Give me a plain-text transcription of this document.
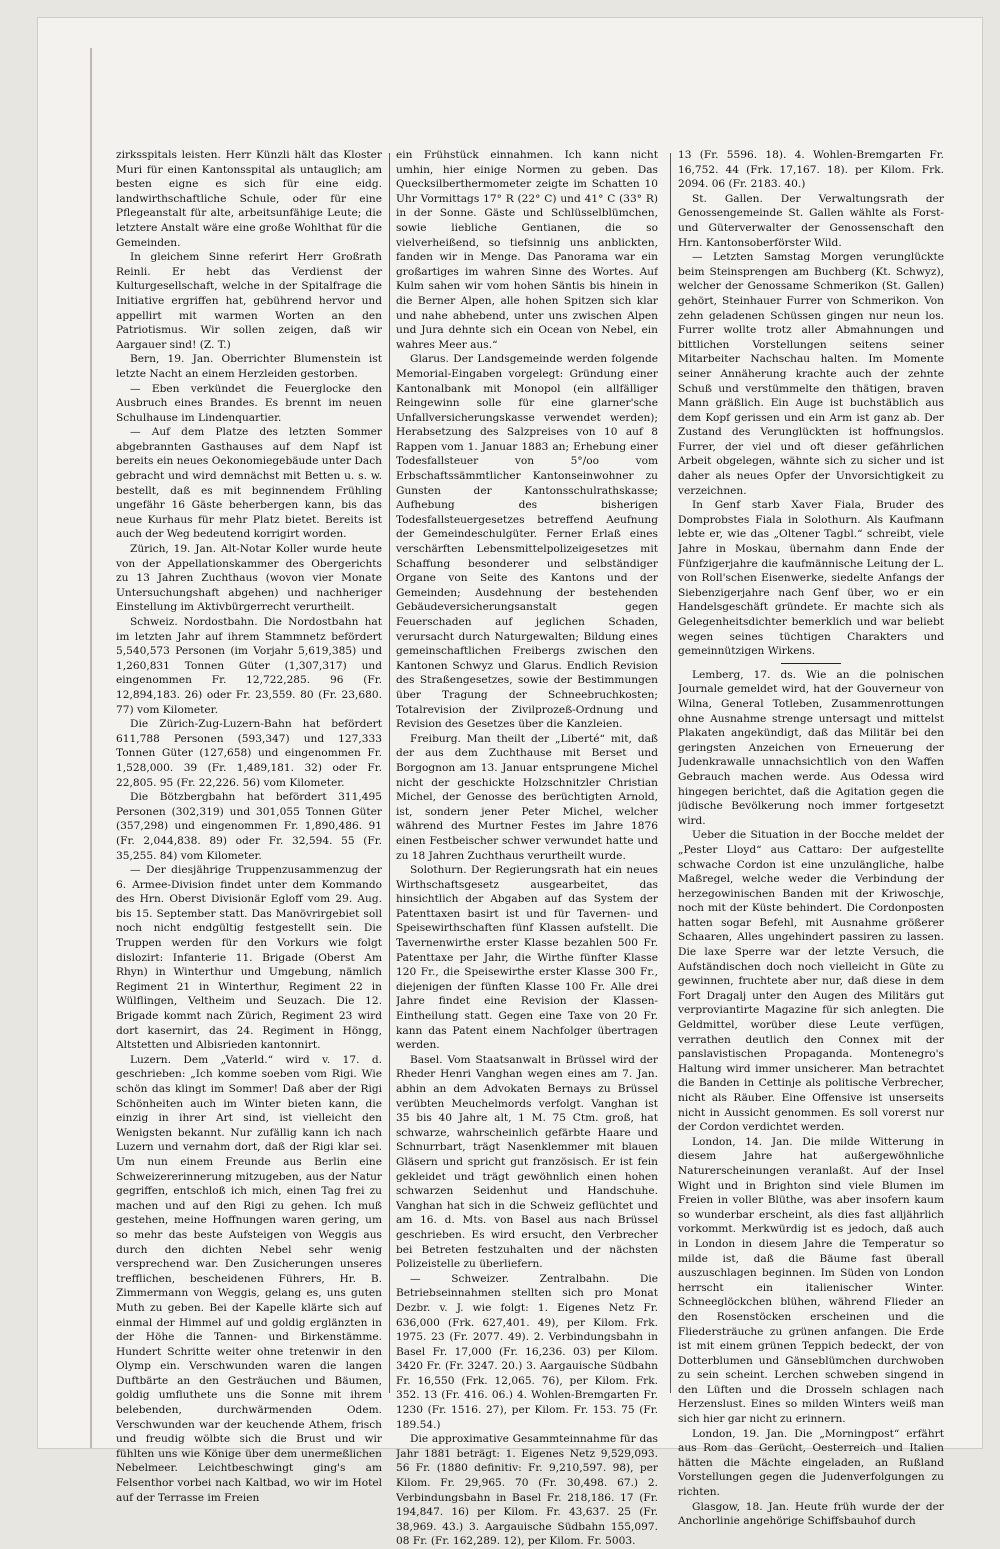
zirksspitals leisten. Herr Künzli hält das Kloster Muri für einen Kantonsspital als untauglich; am besten eigne es sich für eine eidg. landwirthschaftliche Schule, oder für eine Pflegeanstalt für alte, arbeitsunfähige Leute; die letztere Anstalt wäre eine große Wohlthat für die Gemeinden.

In gleichem Sinne referirt Herr Großrath Reinli. Er hebt das Verdienst der Kulturgesellschaft, welche in der Spitalfrage die Initiative ergriffen hat, gebührend hervor und appellirt mit warmen Worten an den Patriotismus. Wir sollen zeigen, daß wir Aargauer sind! (Z. T.)

Bern, 19. Jan. Oberrichter Blumenstein ist letzte Nacht an einem Herzleiden gestorben.

— Eben verkündet die Feuerglocke den Ausbruch eines Brandes. Es brennt im neuen Schulhause im Lindenquartier.

— Auf dem Platze des letzten Sommer abgebrannten Gasthauses auf dem Napf ist bereits ein neues Oekonomiegebäude unter Dach gebracht und wird demnächst mit Betten u. s. w. bestellt, daß es mit beginnendem Frühling ungefähr 16 Gäste beherbergen kann, bis das neue Kurhaus für mehr Platz bietet. Bereits ist auch der Weg bedeutend korrigirt worden.

Zürich, 19. Jan. Alt-Notar Koller wurde heute von der Appellationskammer des Obergerichts zu 13 Jahren Zuchthaus (wovon vier Monate Untersuchungshaft abgehen) und nachheriger Einstellung im Aktivbürgerrecht verurtheilt.

Schweiz. Nordostbahn. Die Nordostbahn hat im letzten Jahr auf ihrem Stammnetz befördert 5,540,573 Personen (im Vorjahr 5,619,385) und 1,260,831 Tonnen Güter (1,307,317) und eingenommen Fr. 12,722,285. 96 (Fr. 12,894,183. 26) oder Fr. 23,559. 80 (Fr. 23,680. 77) vom Kilometer.

Die Zürich-Zug-Luzern-Bahn hat befördert 611,788 Personen (593,347) und 127,333 Tonnen Güter (127,658) und eingenommen Fr. 1,528,000. 39 (Fr. 1,489,181. 32) oder Fr. 22,805. 95 (Fr. 22,226. 56) vom Kilometer.

Die Bötzbergbahn hat befördert 311,495 Personen (302,319) und 301,055 Tonnen Güter (357,298) und eingenommen Fr. 1,890,486. 91 (Fr. 2,044,838. 89) oder Fr. 32,594. 55 (Fr. 35,255. 84) vom Kilometer.

— Der diesjährige Truppenzusammenzug der 6. Armee-Division findet unter dem Kommando des Hrn. Oberst Divisionär Egloff vom 29. Aug. bis 15. September statt. Das Manövrirgebiet soll noch nicht endgültig festgestellt sein. Die Truppen werden für den Vorkurs wie folgt dislozirt: Infanterie 11. Brigade (Oberst Am Rhyn) in Winterthur und Umgebung, nämlich Regiment 21 in Winterthur, Regiment 22 in Wülflingen, Veltheim und Seuzach. Die 12. Brigade kommt nach Zürich, Regiment 23 wird dort kasernirt, das 24. Regiment in Höngg, Altstetten und Albisrieden kantonnirt.

Luzern. Dem „Vaterld.“ wird v. 17. d. geschrieben: „Ich komme soeben vom Rigi. Wie schön das klingt im Sommer! Daß aber der Rigi Schönheiten auch im Winter bieten kann, die einzig in ihrer Art sind, ist vielleicht den Wenigsten bekannt. Nur zufällig kann ich nach Luzern und vernahm dort, daß der Rigi klar sei. Um nun einem Freunde aus Berlin eine Schweizererinnerung mitzugeben, aus der Natur gegriffen, entschloß ich mich, einen Tag frei zu machen und auf den Rigi zu gehen. Ich muß gestehen, meine Hoffnungen waren gering, um so mehr das beste Aufsteigen von Weggis aus durch den dichten Nebel sehr wenig versprechend war. Den Zusicherungen unseres trefflichen, bescheidenen Führers, Hr. B. Zimmermann von Weggis, gelang es, uns guten Muth zu geben. Bei der Kapelle klärte sich auf einmal der Himmel auf und goldig erglänzten in der Höhe die Tannen- und Birkenstämme. Hundert Schritte weiter ohne tretenwir in den Olymp ein. Verschwunden waren die langen Duftbärte an den Gesträuchen und Bäumen, goldig umfluthete uns die Sonne mit ihrem belebenden, durchwärmenden Odem. Verschwunden war der keuchende Athem, frisch und freudig wölbte sich die Brust und wir fühlten uns wie Könige über dem unermeßlichen Nebelmeer. Leichtbeschwingt ging's am Felsenthor vorbei nach Kaltbad, wo wir im Hotel auf der Terrasse im Freien

ein Frühstück einnahmen. Ich kann nicht umhin, hier einige Normen zu geben. Das Quecksilberthermometer zeigte im Schatten 10 Uhr Vormittags 17° R (22° C) und 41° C (33° R) in der Sonne. Gäste und Schlüsselblümchen, sowie liebliche Gentianen, die so vielverheißend, so tiefsinnig uns anblickten, fanden wir in Menge. Das Panorama war ein großartiges im wahren Sinne des Wortes. Auf Kulm sahen wir vom hohen Säntis bis hinein in die Berner Alpen, alle hohen Spitzen sich klar und nahe abhebend, unter uns zwischen Alpen und Jura dehnte sich ein Ocean von Nebel, ein wahres Meer aus.“

Glarus. Der Landsgemeinde werden folgende Memorial-Eingaben vorgelegt: Gründung einer Kantonalbank mit Monopol (ein allfälliger Reingewinn solle für eine glarner'sche Unfallversicherungskasse verwendet werden); Herabsetzung des Salzpreises von 10 auf 8 Rappen vom 1. Januar 1883 an; Erhebung einer Todesfallsteuer von 5°/oo vom Erbschaftssämmtlicher Kantonseinwohner zu Gunsten der Kantonsschulrathskasse; Aufhebung des bisherigen Todesfallsteuergesetzes betreffend Aeufnung der Gemeindeschulgüter. Ferner Erlaß eines verschärften Lebensmittelpolizeigesetzes mit Schaffung besonderer und selbständiger Organe von Seite des Kantons und der Gemeinden; Ausdehnung der bestehenden Gebäudeversicherungsanstalt gegen Feuerschaden auf jeglichen Schaden, verursacht durch Naturgewalten; Bildung eines gemeinschaftlichen Freibergs zwischen den Kantonen Schwyz und Glarus. Endlich Revision des Straßengesetzes, sowie der Bestimmungen über Tragung der Schneebruchkosten; Totalrevision der Zivilprozeß-Ordnung und Revision des Gesetzes über die Kanzleien.

Freiburg. Man theilt der „Liberté“ mit, daß der aus dem Zuchthause mit Berset und Borgognon am 13. Januar entsprungene Michel nicht der geschickte Holzschnitzler Christian Michel, der Genosse des berüchtigten Arnold, ist, sondern jener Peter Michel, welcher während des Murtner Festes im Jahre 1876 einen Festbeischer schwer verwundet hatte und zu 18 Jahren Zuchthaus verurtheilt wurde.

Solothurn. Der Regierungsrath hat ein neues Wirthschaftsgesetz ausgearbeitet, das hinsichtlich der Abgaben auf das System der Patenttaxen basirt ist und für Tavernen- und Speisewirthschaften fünf Klassen aufstellt. Die Tavernenwirthe erster Klasse bezahlen 500 Fr. Patenttaxe per Jahr, die Wirthe fünfter Klasse 120 Fr., die Speisewirthe erster Klasse 300 Fr., diejenigen der fünften Klasse 100 Fr. Alle drei Jahre findet eine Revision der Klassen-Eintheilung statt. Gegen eine Taxe von 20 Fr. kann das Patent einem Nachfolger übertragen werden.

Basel. Vom Staatsanwalt in Brüssel wird der Rheder Henri Vanghan wegen eines am 7. Jan. abhin an dem Advokaten Bernays zu Brüssel verübten Meuchelmords verfolgt. Vanghan ist 35 bis 40 Jahre alt, 1 M. 75 Ctm. groß, hat schwarze, wahrscheinlich gefärbte Haare und Schnurrbart, trägt Nasenklemmer mit blauen Gläsern und spricht gut französisch. Er ist fein gekleidet und trägt gewöhnlich einen hohen schwarzen Seidenhut und Handschuhe. Vanghan hat sich in die Schweiz geflüchtet und am 16. d. Mts. von Basel aus nach Brüssel geschrieben. Es wird ersucht, den Verbrecher bei Betreten festzuhalten und der nächsten Polizeistelle zu überliefern.

— Schweizer. Zentralbahn. Die Betriebseinnahmen stellten sich pro Monat Dezbr. v. J. wie folgt: 1. Eigenes Netz Fr. 636,000 (Frk. 627,401. 49), per Kilom. Frk. 1975. 23 (Fr. 2077. 49). 2. Verbindungsbahn in Basel Fr. 17,000 (Fr. 16,236. 03) per Kilom. 3420 Fr. (Fr. 3247. 20.) 3. Aargauische Südbahn Fr. 16,550 (Frk. 12,065. 76), per Kilom. Frk. 352. 13 (Fr. 416. 06.) 4. Wohlen-Bremgarten Fr. 1230 (Fr. 1516. 27), per Kilom. Fr. 153. 75 (Fr. 189.54.)

Die approximative Gesammteinnahme für das Jahr 1881 beträgt: 1. Eigenes Netz 9,529,093. 56 Fr. (1880 definitiv: Fr. 9,210,597. 98), per Kilom. Fr. 29,965. 70 (Fr. 30,498. 67.) 2. Verbindungsbahn in Basel Fr. 218,186. 17 (Fr. 194,847. 16) per Kilom. Fr. 43,637. 25 (Fr. 38,969. 43.) 3. Aargauische Südbahn 155,097. 08 Fr. (Fr. 162,289. 12), per Kilom. Fr. 5003.

13 (Fr. 5596. 18). 4. Wohlen-Bremgarten Fr. 16,752. 44 (Frk. 17,167. 18). per Kilom. Frk. 2094. 06 (Fr. 2183. 40.)

St. Gallen. Der Verwaltungsrath der Genossengemeinde St. Gallen wählte als Forst- und Güterverwalter der Genossenschaft den Hrn. Kantonsoberförster Wild.

— Letzten Samstag Morgen verunglückte beim Steinsprengen am Buchberg (Kt. Schwyz), welcher der Genossame Schmerikon (St. Gallen) gehört, Steinhauer Furrer von Schmerikon. Von zehn geladenen Schüssen gingen nur neun los. Furrer wollte trotz aller Abmahnungen und bittlichen Vorstellungen seitens seiner Mitarbeiter Nachschau halten. Im Momente seiner Annäherung krachte auch der zehnte Schuß und verstümmelte den thätigen, braven Mann gräßlich. Ein Auge ist buchstäblich aus dem Kopf gerissen und ein Arm ist ganz ab. Der Zustand des Verunglückten ist hoffnungslos. Furrer, der viel und oft dieser gefährlichen Arbeit obgelegen, wähnte sich zu sicher und ist daher als neues Opfer der Unvorsichtigkeit zu verzeichnen.

In Genf starb Xaver Fiala, Bruder des Domprobstes Fiala in Solothurn. Als Kaufmann lebte er, wie das „Oltener Tagbl.“ schreibt, viele Jahre in Moskau, übernahm dann Ende der Fünfzigerjahre die kaufmännische Leitung der L. von Roll'schen Eisenwerke, siedelte Anfangs der Siebenzigerjahre nach Genf über, wo er ein Handelsgeschäft gründete. Er machte sich als Gelegenheitsdichter bemerklich und war beliebt wegen seines tüchtigen Charakters und gemeinnützigen Wirkens.

Lemberg, 17. ds. Wie an die polnischen Journale gemeldet wird, hat der Gouverneur von Wilna, General Totleben, Zusammenrottungen ohne Ausnahme strenge untersagt und mittelst Plakaten angekündigt, daß das Militär bei den geringsten Anzeichen von Erneuerung der Judenkrawalle unnachsichtlich von den Waffen Gebrauch machen werde. Aus Odessa wird hingegen berichtet, daß die Agitation gegen die jüdische Bevölkerung noch immer fortgesetzt wird.

Ueber die Situation in der Bocche meldet der „Pester Lloyd“ aus Cattaro: Der aufgestellte schwache Cordon ist eine unzulängliche, halbe Maßregel, welche weder die Verbindung der herzegowinischen Banden mit der Kriwoschje, noch mit der Küste behindert. Die Cordonposten hatten sogar Befehl, mit Ausnahme größerer Schaaren, Alles ungehindert passiren zu lassen. Die laxe Sperre war der letzte Versuch, die Aufständischen doch noch vielleicht in Güte zu gewinnen, fruchtete aber nur, daß diese in dem Fort Dragalj unter den Augen des Militärs gut verproviantirte Magazine für sich anlegten. Die Geldmittel, worüber diese Leute verfügen, verrathen deutlich den Connex mit der panslavistischen Propaganda. Montenegro's Haltung wird immer unsicherer. Man betrachtet die Banden in Cettinje als politische Verbrecher, nicht als Räuber. Eine Offensive ist unserseits nicht in Aussicht genommen. Es soll vorerst nur der Cordon verdichtet werden.

London, 14. Jan. Die milde Witterung in diesem Jahre hat außergewöhnliche Naturerscheinungen veranlaßt. Auf der Insel Wight und in Brighton sind viele Blumen im Freien in voller Blüthe, was aber insofern kaum so wunderbar erscheint, als dies fast alljährlich vorkommt. Merkwürdig ist es jedoch, daß auch in London in diesem Jahre die Temperatur so milde ist, daß die Bäume fast überall auszuschlagen beginnen. Im Süden von London herrscht ein italienischer Winter. Schneeglöckchen blühen, während Flieder an den Rosenstöcken erscheinen und die Fliedersträuche zu grünen anfangen. Die Erde ist mit einem grünen Teppich bedeckt, der von Dotterblumen und Gänseblümchen durchwoben zu sein scheint. Lerchen schweben singend in den Lüften und die Drosseln schlagen nach Herzenslust. Eines so milden Winters weiß man sich hier gar nicht zu erinnern.

London, 19. Jan. Die „Morningpost“ erfährt aus Rom das Gerücht, Oesterreich und Italien hätten die Mächte eingeladen, an Rußland Vorstellungen gegen die Judenverfolgungen zu richten.

Glasgow, 18. Jan. Heute früh wurde der der Anchorlinie angehörige Schiffsbauhof durch
